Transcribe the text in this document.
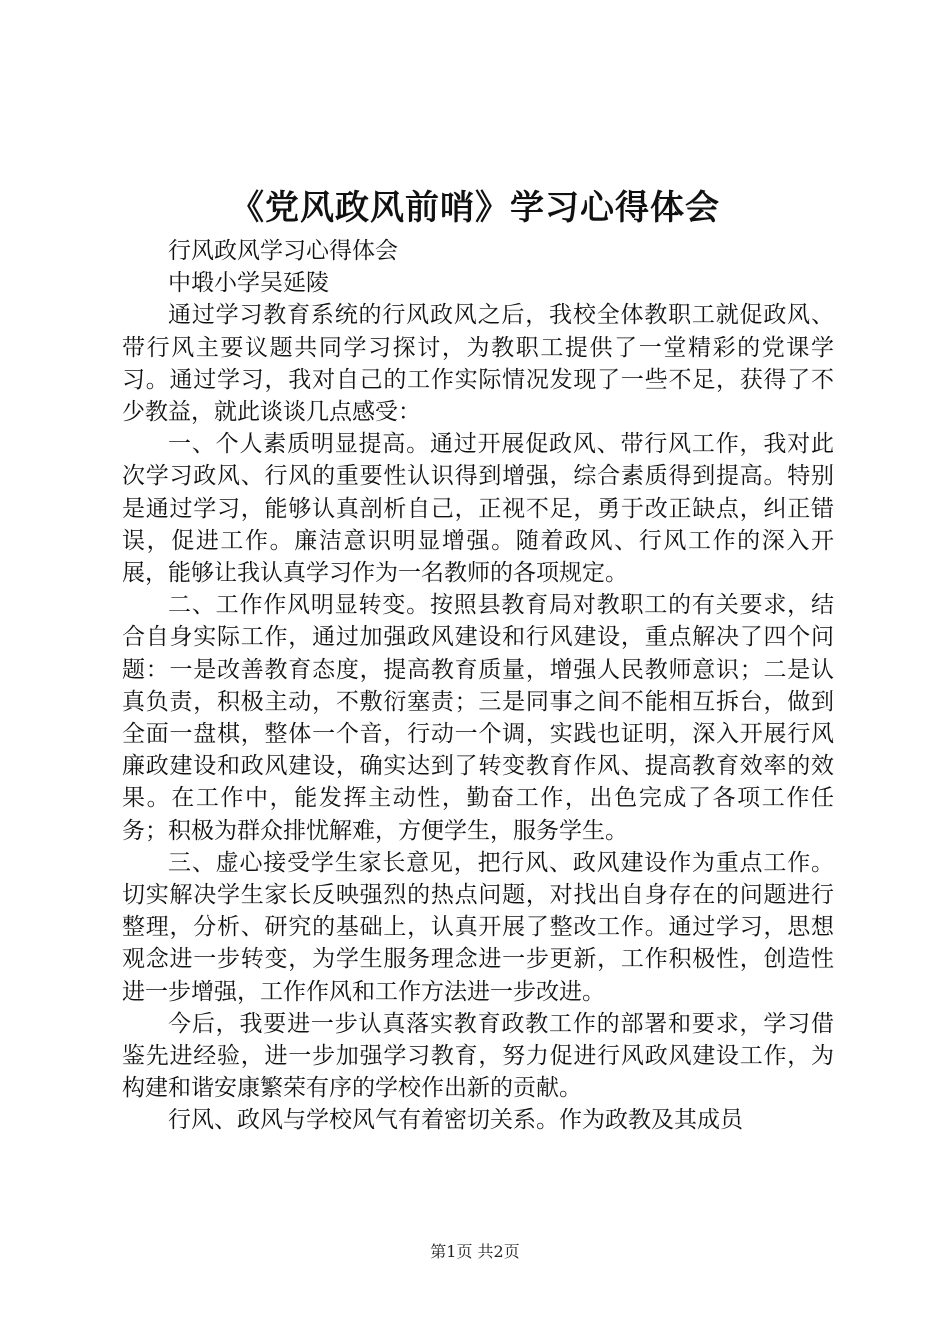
《党风政风前哨》学习心得体会

行风政风学习心得体会

中塅小学吴延陵

通过学习教育系统的行风政风之后，我校全体教职工就促政风、带行风主要议题共同学习探讨，为教职工提供了一堂精彩的党课学习。通过学习，我对自己的工作实际情况发现了一些不足，获得了不少教益，就此谈谈几点感受：

一、个人素质明显提高。通过开展促政风、带行风工作，我对此次学习政风、行风的重要性认识得到增强，综合素质得到提高。特别是通过学习，能够认真剖析自己，正视不足，勇于改正缺点，纠正错误，促进工作。廉洁意识明显增强。随着政风、行风工作的深入开展，能够让我认真学习作为一名教师的各项规定。

二、工作作风明显转变。按照县教育局对教职工的有关要求，结合自身实际工作，通过加强政风建设和行风建设，重点解决了四个问题：一是改善教育态度，提高教育质量，增强人民教师意识；二是认真负责，积极主动，不敷衍塞责；三是同事之间不能相互拆台，做到全面一盘棋，整体一个音，行动一个调，实践也证明，深入开展行风廉政建设和政风建设，确实达到了转变教育作风、提高教育效率的效果。在工作中，能发挥主动性，勤奋工作，出色完成了各项工作任务；积极为群众排忧解难，方便学生，服务学生。

三、虚心接受学生家长意见，把行风、政风建设作为重点工作。切实解决学生家长反映强烈的热点问题，对找出自身存在的问题进行整理，分析、研究的基础上，认真开展了整改工作。通过学习，思想观念进一步转变，为学生服务理念进一步更新，工作积极性，创造性进一步增强，工作作风和工作方法进一步改进。

今后，我要进一步认真落实教育政教工作的部署和要求，学习借鉴先进经验，进一步加强学习教育，努力促进行风政风建设工作，为构建和谐安康繁荣有序的学校作出新的贡献。

行风、政风与学校风气有着密切关系。作为政教及其成员

第1页 共2页
